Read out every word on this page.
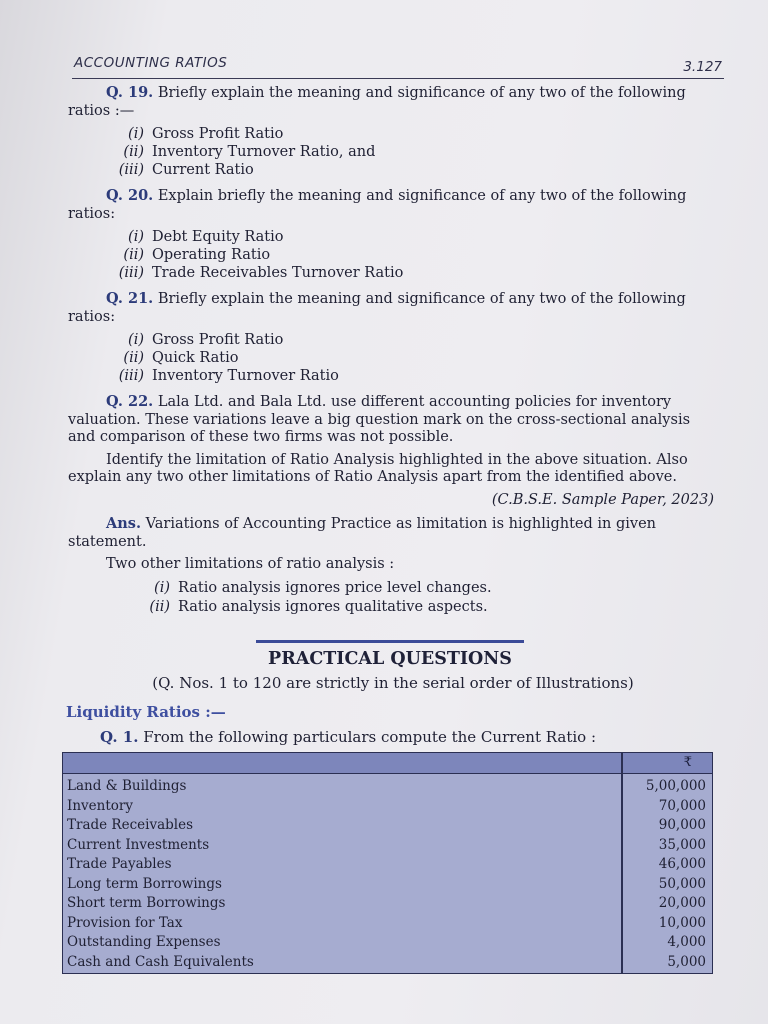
ACCOUNTING RATIOS	3.127
Q. 19. Briefly explain the meaning and significance of any two of the following ratios :—
(i) Gross Profit Ratio
(ii) Inventory Turnover Ratio, and
(iii) Current Ratio
Q. 20. Explain briefly the meaning and significance of any two of the following ratios:
(i) Debt Equity Ratio
(ii) Operating Ratio
(iii) Trade Receivables Turnover Ratio
Q. 21. Briefly explain the meaning and significance of any two of the following ratios:
(i) Gross Profit Ratio
(ii) Quick Ratio
(iii) Inventory Turnover Ratio
Q. 22. Lala Ltd. and Bala Ltd. use different accounting policies for inventory valuation. These variations leave a big question mark on the cross-sectional analysis and comparison of these two firms was not possible.
Identify the limitation of Ratio Analysis highlighted in the above situation. Also explain any two other limitations of Ratio Analysis apart from the identified above.
(C.B.S.E. Sample Paper, 2023)
Ans. Variations of Accounting Practice as limitation is highlighted in given statement.
Two other limitations of ratio analysis :
(i) Ratio analysis ignores price level changes.
(ii) Ratio analysis ignores qualitative aspects.
PRACTICAL QUESTIONS
(Q. Nos. 1 to 120 are strictly in the serial order of Illustrations)
Liquidity Ratios :—
Q. 1. From the following particulars compute the Current Ratio :
₹
Land & Buildings	5,00,000
Inventory	70,000
Trade Receivables	90,000
Current Investments	35,000
Trade Payables	46,000
Long term Borrowings	50,000
Short term Borrowings	20,000
Provision for Tax	10,000
Outstanding Expenses	4,000
Cash and Cash Equivalents	5,000
